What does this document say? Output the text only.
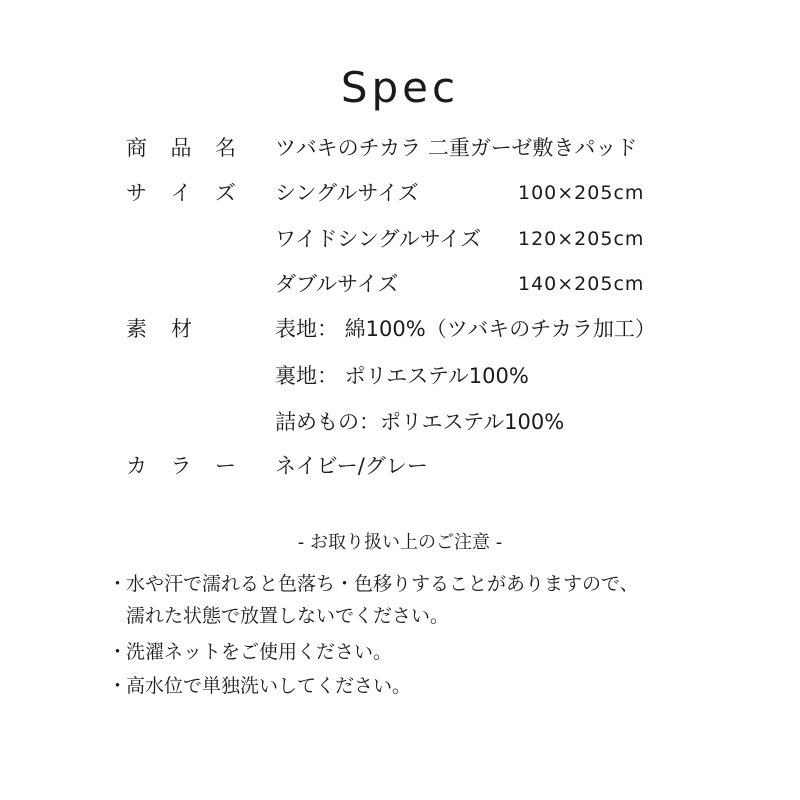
Spec
商 品 名 ツバキのチカラ 二重ガーゼ敷きパッド
サ イ ズ シングルサイズ	100×205cm
ワイドシングルサイズ 120×205cm
ダブルサイズ	140×205cm
素 材	表地： 綿100%（ツバキのチカラ加工）
裏地： ポリエステル100%
詰めもの：ポリエステル100%
カ ラ ー ネイビー/グレー
- お取り扱い上のご注意 -
・水や汗で濡れると色落ち・色移りすることがありますので、
濡れた状態で放置しないでください。
・洗濯ネットをご使用ください。
・高水位で単独洗いしてください。
